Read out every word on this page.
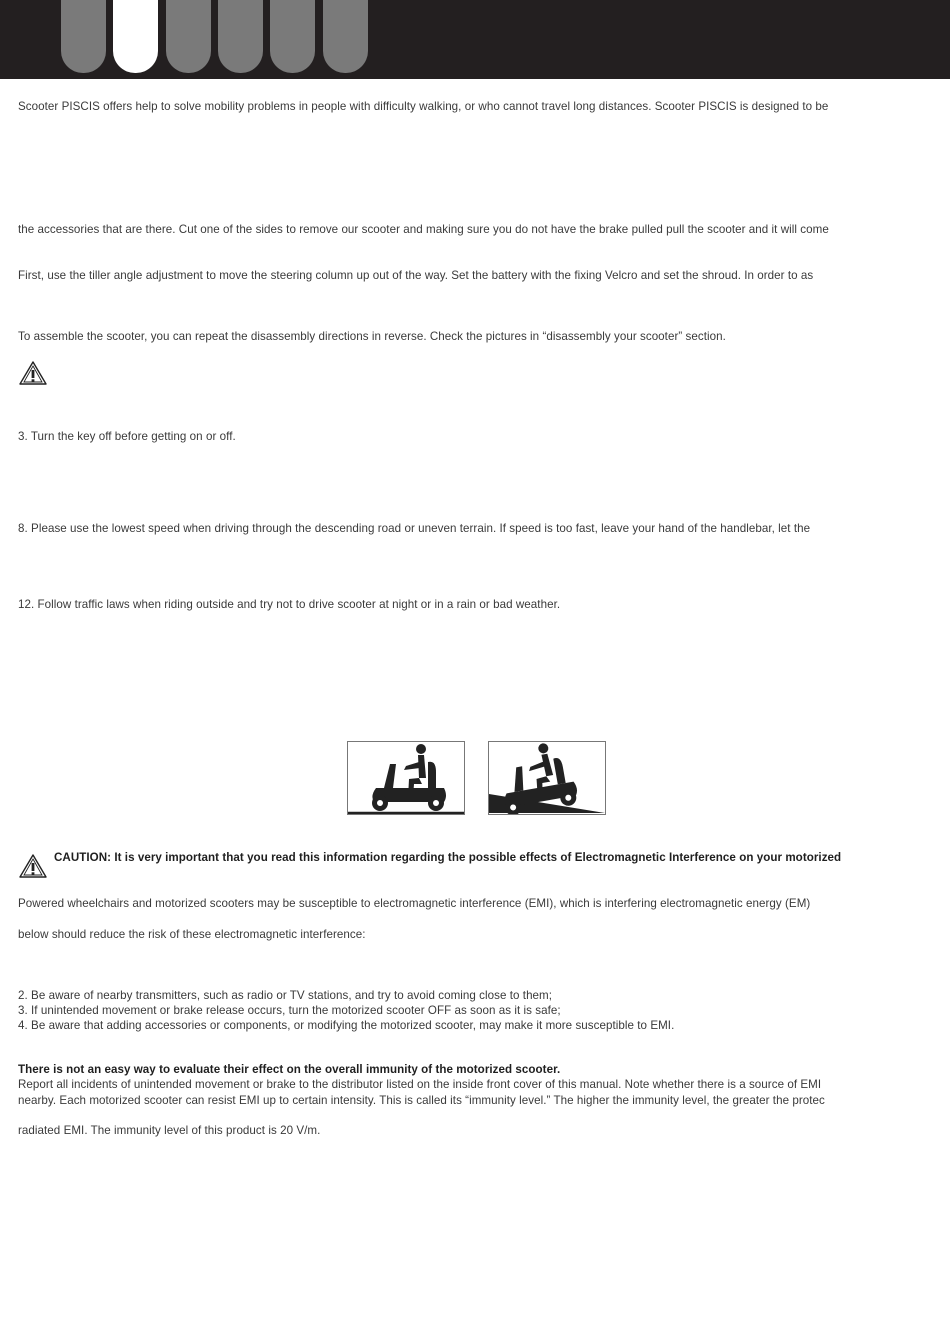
Scooter PISCIS offers help to solve mobility problems in people with difficulty walking, or who cannot travel long distances. Scooter PISCIS is designed to be
the accessories that are there. Cut one of the sides to remove our scooter and making sure you do not have the brake pulled pull the scooter and it will come
First, use the tiller angle adjustment to move the steering column up out of the way. Set the battery with the fixing Velcro and set the shroud. In order to as
To assemble the scooter, you can repeat the disassembly directions in reverse. Check the pictures in “disassembly your scooter” section.
3. Turn the key off before getting on or off.
8. Please use the lowest speed when driving through the descending road or uneven terrain. If speed is too fast, leave your hand of the handlebar, let the
12. Follow traffic laws when riding outside and try not to drive scooter at night or in a rain or bad weather.
CAUTION: It is very important that you read this information regarding the possible effects of Electromagnetic Interference on your motorized
Powered wheelchairs and motorized scooters may be susceptible to electromagnetic interference (EMI), which is interfering electromagnetic energy (EM)
below should reduce the risk of these electromagnetic interference:
2. Be aware of nearby transmitters, such as radio or TV stations, and try to avoid coming close to them;
3. If unintended movement or brake release occurs, turn the motorized scooter OFF as soon as it is safe;
4. Be aware that adding accessories or components, or modifying the motorized scooter, may make it more susceptible to EMI.
There is not an easy way to evaluate their effect on the overall immunity of the motorized scooter.
Report all incidents of unintended movement or brake to the distributor listed on the inside front cover of this manual. Note whether there is a source of EMI
nearby. Each motorized scooter can resist EMI up to certain intensity. This is called its “immunity level.” The higher the immunity level, the greater the protec
radiated EMI. The immunity level of this product is 20 V/m.
